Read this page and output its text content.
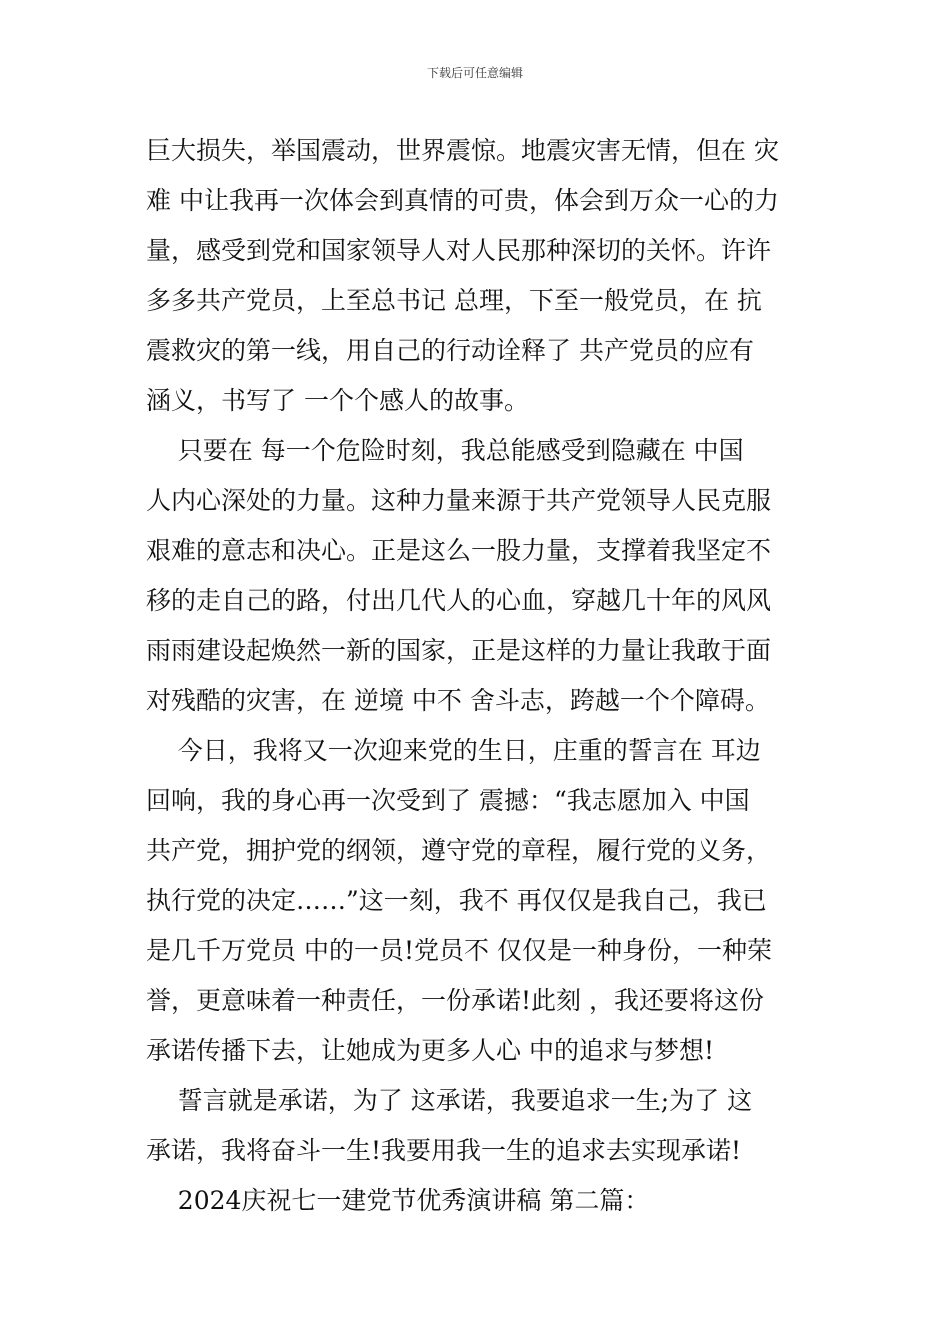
下载后可任意编辑
巨大损失，举国震动，世界震惊。地震灾害无情，但在 灾
难 中让我再一次体会到真情的可贵，体会到万众一心的力
量，感受到党和国家领导人对人民那种深切的关怀。许许
多多共产党员，上至总书记 总理，下至一般党员，在 抗
震救灾的第一线，用自己的行动诠释了 共产党员的应有
涵义，书写了 一个个感人的故事。
只要在 每一个危险时刻，我总能感受到隐藏在 中国
人内心深处的力量。这种力量来源于共产党领导人民克服
艰难的意志和决心。正是这么一股力量，支撑着我坚定不
移的走自己的路，付出几代人的心血，穿越几十年的风风
雨雨建设起焕然一新的国家，正是这样的力量让我敢于面
对残酷的灾害，在 逆境 中不 舍斗志，跨越一个个障碍。
今日，我将又一次迎来党的生日，庄重的誓言在 耳边
回响，我的身心再一次受到了 震撼：“我志愿加入 中国
共产党，拥护党的纲领，遵守党的章程，履行党的义务，
执行党的决定……”这一刻，我不 再仅仅是我自己，我已
是几千万党员 中的一员!党员不 仅仅是一种身份，一种荣
誉，更意味着一种责任，一份承诺!此刻 ，我还要将这份
承诺传播下去，让她成为更多人心 中的追求与梦想!
誓言就是承诺，为了 这承诺，我要追求一生;为了 这
承诺，我将奋斗一生!我要用我一生的追求去实现承诺!
2024庆祝七一建党节优秀演讲稿 第二篇：
